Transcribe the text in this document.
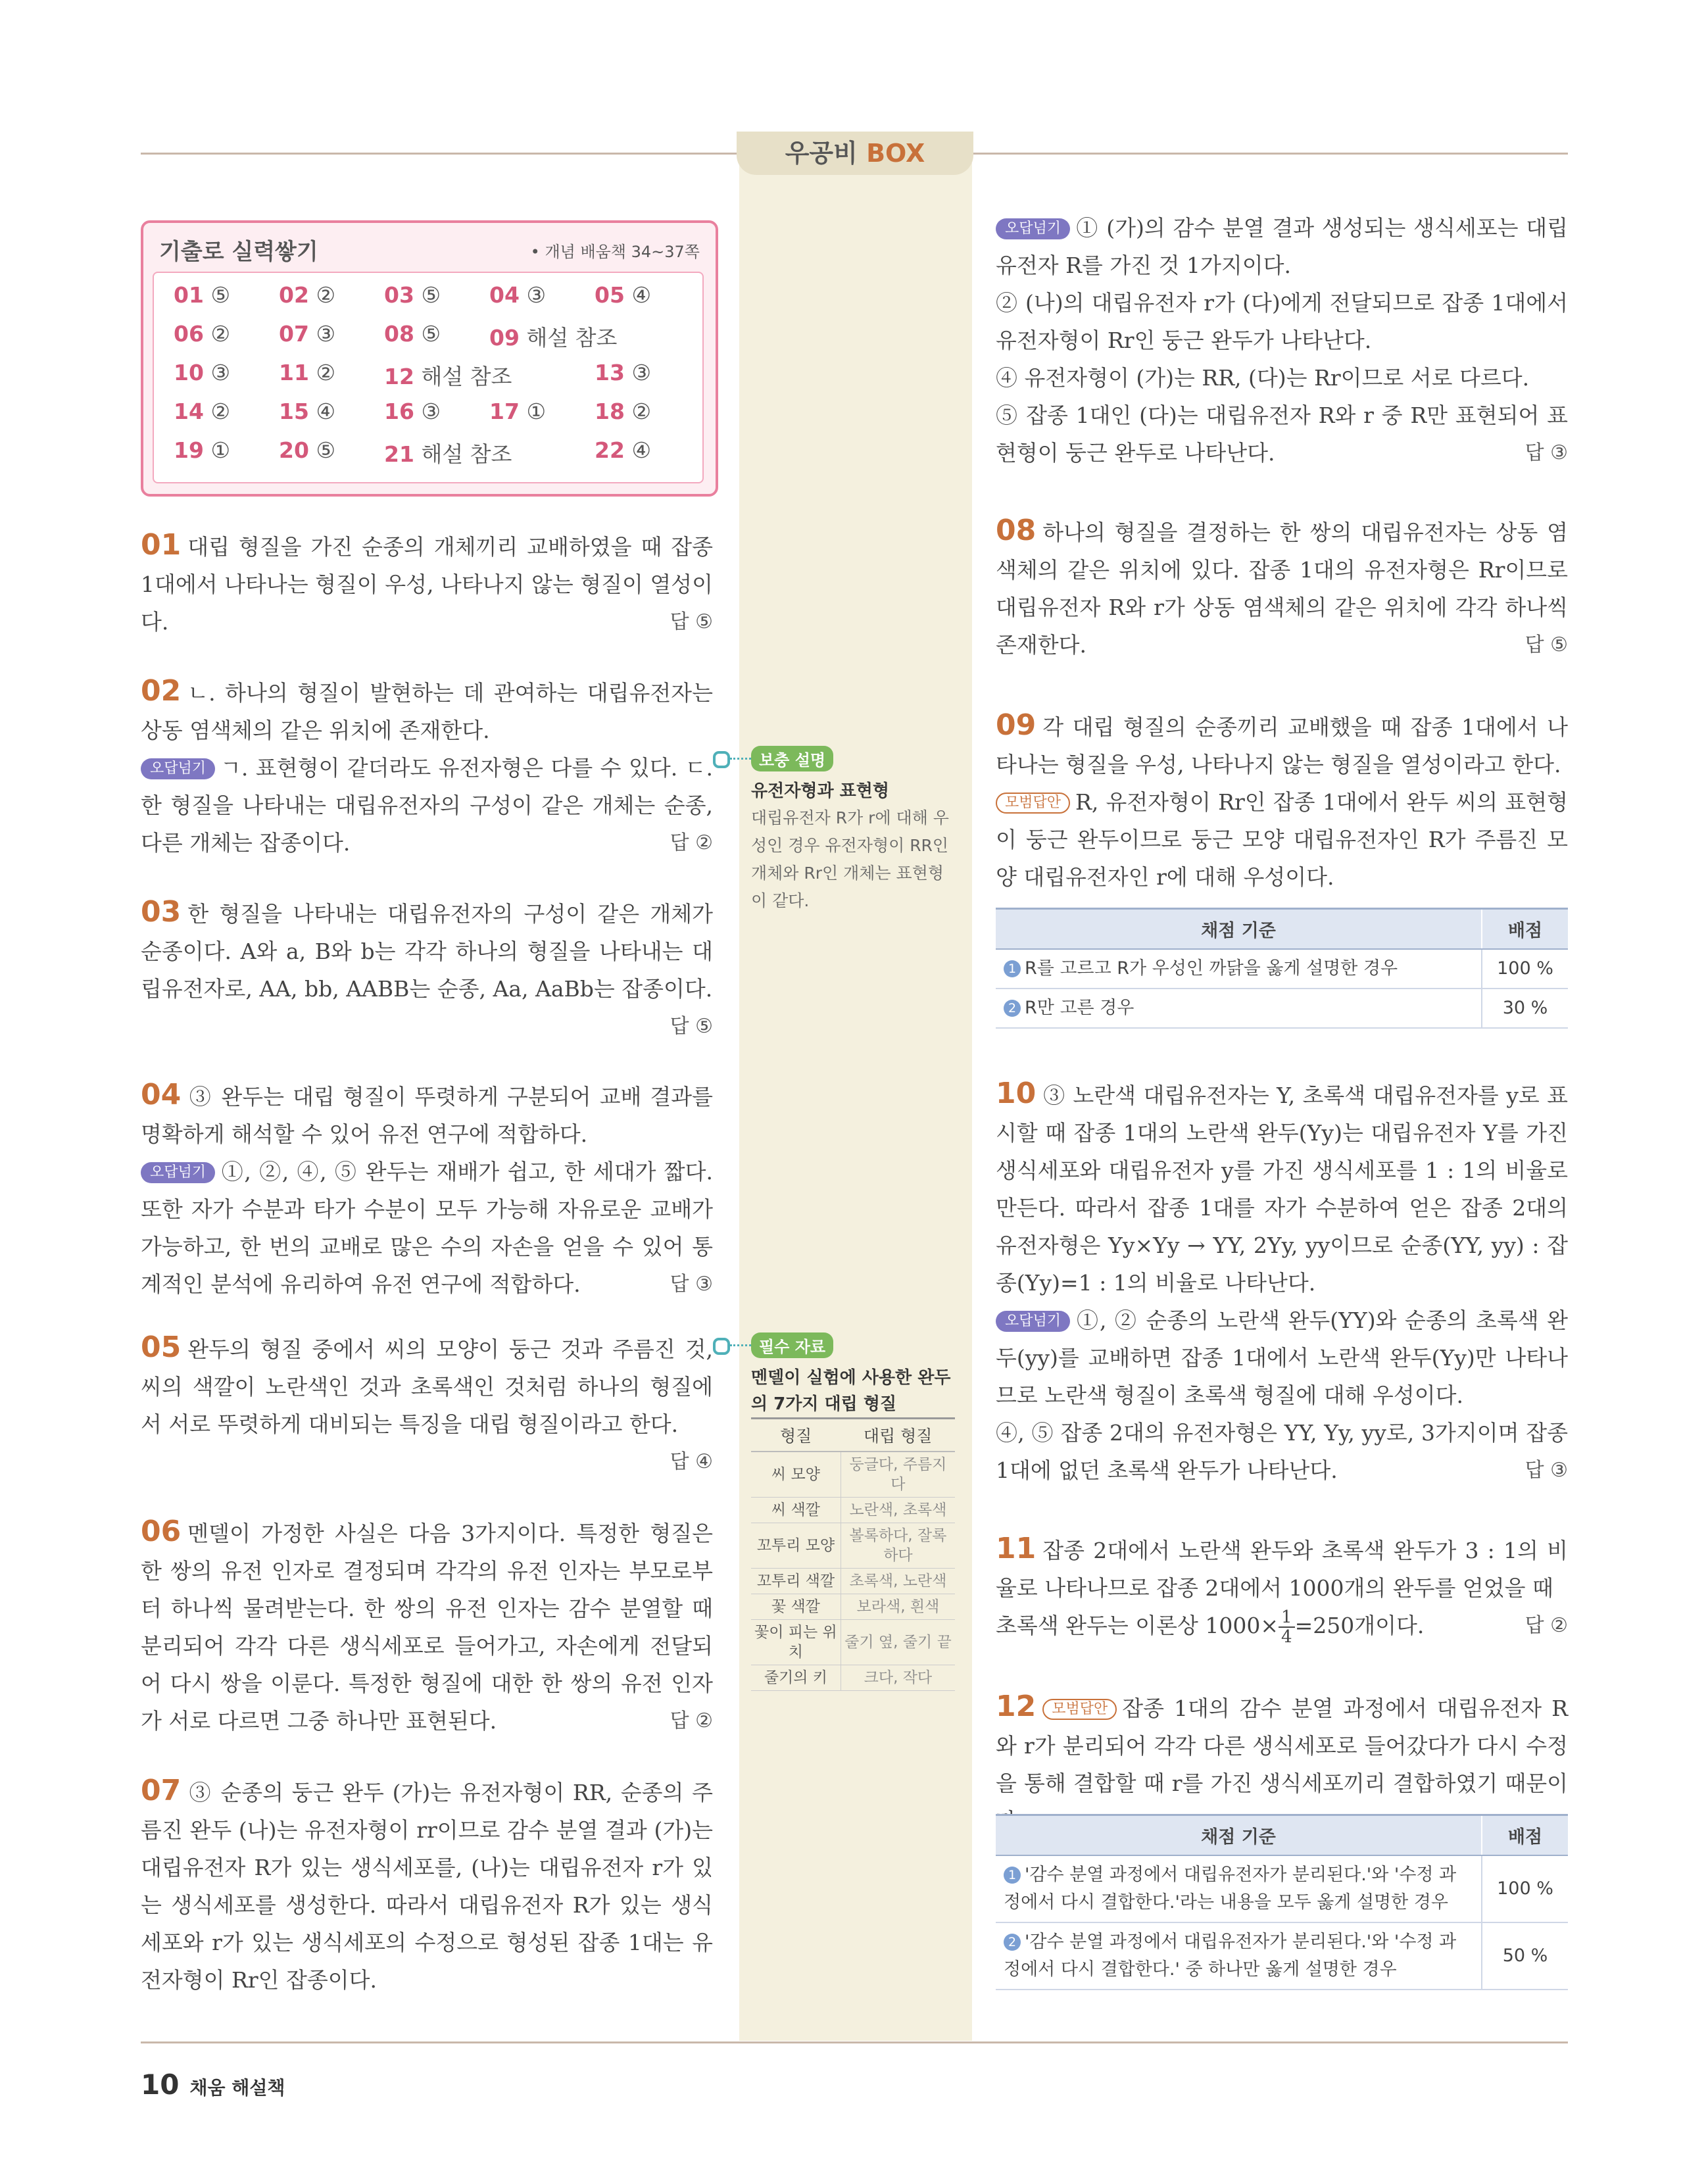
우공비 BOX
기출로 실력쌓기	• 개념 배움책 34~37쪽
01 ⑤ 02 ② 03 ⑤ 04 ③ 05 ④
06 ② 07 ③ 08 ⑤ 09 해설 참조
10 ③ 11 ② 12 해설 참조	13 ③
14 ② 15 ④ 16 ③ 17 ① 18 ②
19 ① 20 ⑤ 21 해설 참조	22 ④
01 대립 형질을 가진 순종의 개체끼리 교배하였을 때 잡종 1대에서 나타나는 형질이 우성, 나타나지 않는 형질이 열성이다.	답 ⑤
02 ㄴ. 하나의 형질이 발현하는 데 관여하는 대립유전자는 상동 염색체의 같은 위치에 존재한다.
오답넘기 ㄱ. 표현형이 같더라도 유전자형은 다를 수 있다. ㄷ. 한 형질을 나타내는 대립유전자의 구성이 같은 개체는 순종, 다른 개체는 잡종이다.	답 ②
03 한 형질을 나타내는 대립유전자의 구성이 같은 개체가 순종이다. A와 a, B와 b는 각각 하나의 형질을 나타내는 대립유전자로, AA, bb, AABB는 순종, Aa, AaBb는 잡종이다.
답 ⑤
04 ③ 완두는 대립 형질이 뚜렷하게 구분되어 교배 결과를 명확하게 해석할 수 있어 유전 연구에 적합하다.
오답넘기 ①, ②, ④, ⑤ 완두는 재배가 쉽고, 한 세대가 짧다. 또한 자가 수분과 타가 수분이 모두 가능해 자유로운 교배가 가능하고, 한 번의 교배로 많은 수의 자손을 얻을 수 있어 통계적인 분석에 유리하여 유전 연구에 적합하다.	답 ③
05 완두의 형질 중에서 씨의 모양이 둥근 것과 주름진 것, 씨의 색깔이 노란색인 것과 초록색인 것처럼 하나의 형질에서 서로 뚜렷하게 대비되는 특징을 대립 형질이라고 한다.

답 ④
06 멘델이 가정한 사실은 다음 3가지이다. 특정한 형질은 한 쌍의 유전 인자로 결정되며 각각의 유전 인자는 부모로부터 하나씩 물려받는다. 한 쌍의 유전 인자는 감수 분열할 때 분리되어 각각 다른 생식세포로 들어가고, 자손에게 전달되어 다시 쌍을 이룬다. 특정한 형질에 대한 한 쌍의 유전 인자가 서로 다르면 그중 하나만 표현된다.	답 ②
07 ③ 순종의 둥근 완두 (가)는 유전자형이 RR, 순종의 주름진 완두 (나)는 유전자형이 rr이므로 감수 분열 결과 (가)는 대립유전자 R가 있는 생식세포를, (나)는 대립유전자 r가 있는 생식세포를 생성한다. 따라서 대립유전자 R가 있는 생식세포와 r가 있는 생식세포의 수정으로 형성된 잡종 1대는 유전자형이 Rr인 잡종이다.
보충 설명
유전자형과 표현형
대립유전자 R가 r에 대해 우성인 경우 유전자형이 RR인 개체와 Rr인 개체는 표현형이 같다.
필수 자료
멘델이 실험에 사용한 완두의 7가지 대립 형질
형질	대립 형질
씨 모양	둥글다, 주름지다
씨 색깔	노란색, 초록색
꼬투리 모양	볼록하다, 잘록하다
꼬투리 색깔	초록색, 노란색
꽃 색깔	보라색, 흰색
꽃이 피는 위치	줄기 옆, 줄기 끝
줄기의 키	크다, 작다
오답넘기 ① (가)의 감수 분열 결과 생성되는 생식세포는 대립유전자 R를 가진 것 1가지이다.
② (나)의 대립유전자 r가 (다)에게 전달되므로 잡종 1대에서 유전자형이 Rr인 둥근 완두가 나타난다.
④ 유전자형이 (가)는 RR, (다)는 Rr이므로 서로 다르다.
⑤ 잡종 1대인 (다)는 대립유전자 R와 r 중 R만 표현되어 표현형이 둥근 완두로 나타난다.	답 ③
08 하나의 형질을 결정하는 한 쌍의 대립유전자는 상동 염색체의 같은 위치에 있다. 잡종 1대의 유전자형은 Rr이므로 대립유전자 R와 r가 상동 염색체의 같은 위치에 각각 하나씩 존재한다.	답 ⑤
09 각 대립 형질의 순종끼리 교배했을 때 잡종 1대에서 나타나는 형질을 우성, 나타나지 않는 형질을 열성이라고 한다.
모범답안 R, 유전자형이 Rr인 잡종 1대에서 완두 씨의 표현형이 둥근 완두이므로 둥근 모양 대립유전자인 R가 주름진 모양 대립유전자인 r에 대해 우성이다.
채점 기준	배점
1 R를 고르고 R가 우성인 까닭을 옳게 설명한 경우	100 %
2 R만 고른 경우	30 %
10 ③ 노란색 대립유전자는 Y, 초록색 대립유전자를 y로 표시할 때 잡종 1대의 노란색 완두(Yy)는 대립유전자 Y를 가진 생식세포와 대립유전자 y를 가진 생식세포를 1 : 1의 비율로 만든다. 따라서 잡종 1대를 자가 수분하여 얻은 잡종 2대의 유전자형은 Yy×Yy → YY, 2Yy, yy이므로 순종(YY, yy) : 잡종(Yy)=1 : 1의 비율로 나타난다.
오답넘기 ①, ② 순종의 노란색 완두(YY)와 순종의 초록색 완두(yy)를 교배하면 잡종 1대에서 노란색 완두(Yy)만 나타나므로 노란색 형질이 초록색 형질에 대해 우성이다.
④, ⑤ 잡종 2대의 유전자형은 YY, Yy, yy로, 3가지이며 잡종 1대에 없던 초록색 완두가 나타난다.	답 ③
11 잡종 2대에서 노란색 완두와 초록색 완두가 3 : 1의 비율로 나타나므로 잡종 2대에서 1000개의 완두를 얻었을 때
초록색 완두는 이론상 $1000\times \frac{1}{4} =250$개이다.	답 ②
12 모범답안 잡종 1대의 감수 분열 과정에서 대립유전자 R와 r가 분리되어 각각 다른 생식세포로 들어갔다가 다시 수정을 통해 결합할 때 r를 가진 생식세포끼리 결합하였기 때문이
채점 기준	배점
1 '감수 분열 과정에서 대립유전자가 분리된다.'와 '수정 과정에서 다시 결합한다.'라는 내용을 모두 옳게 설명한 경우	100 %
2 '감수 분열 과정에서 대립유전자가 분리된다.'와 '수정 과정에서 다시 결합한다.' 중 하나만 옳게 설명한 경우	50 %
10 채움 해설책
